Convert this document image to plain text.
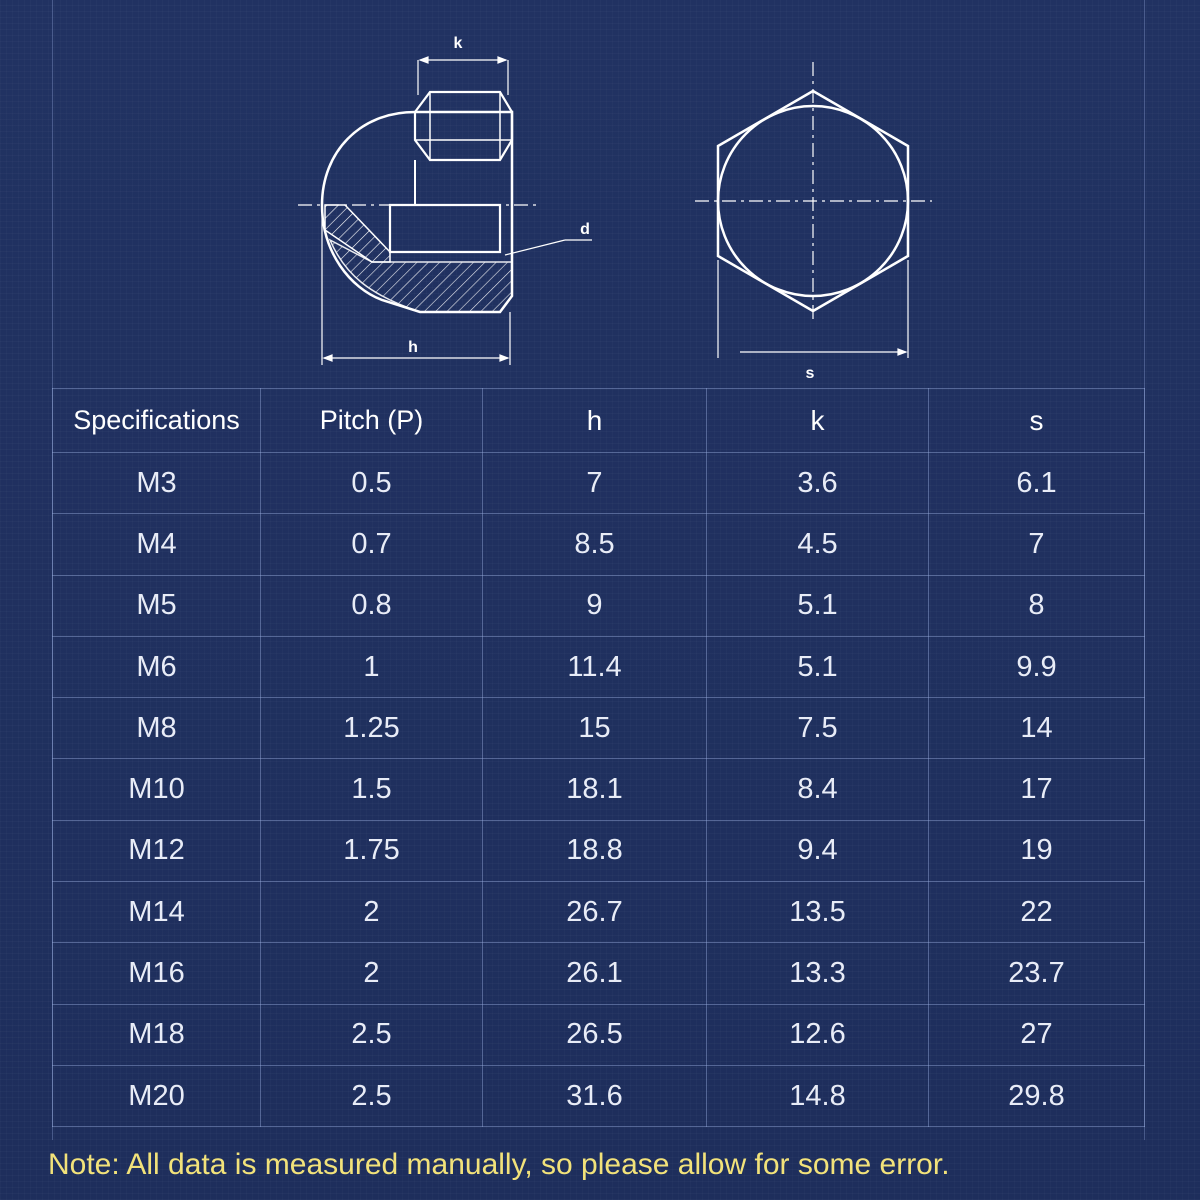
k
h
d
s
Specifications	Pitch (P)	h	k	s
M3	0.5	7	3.6	6.1
M4	0.7	8.5	4.5	7
M5	0.8	9	5.1	8
M6	1	11.4	5.1	9.9
M8	1.25	15	7.5	14
M10	1.5	18.1	8.4	17
M12	1.75	18.8	9.4	19
M14	2	26.7	13.5	22
M16	2	26.1	13.3	23.7
M18	2.5	26.5	12.6	27
M20	2.5	31.6	14.8	29.8
Note: All data is measured manually, so please allow for some error.
